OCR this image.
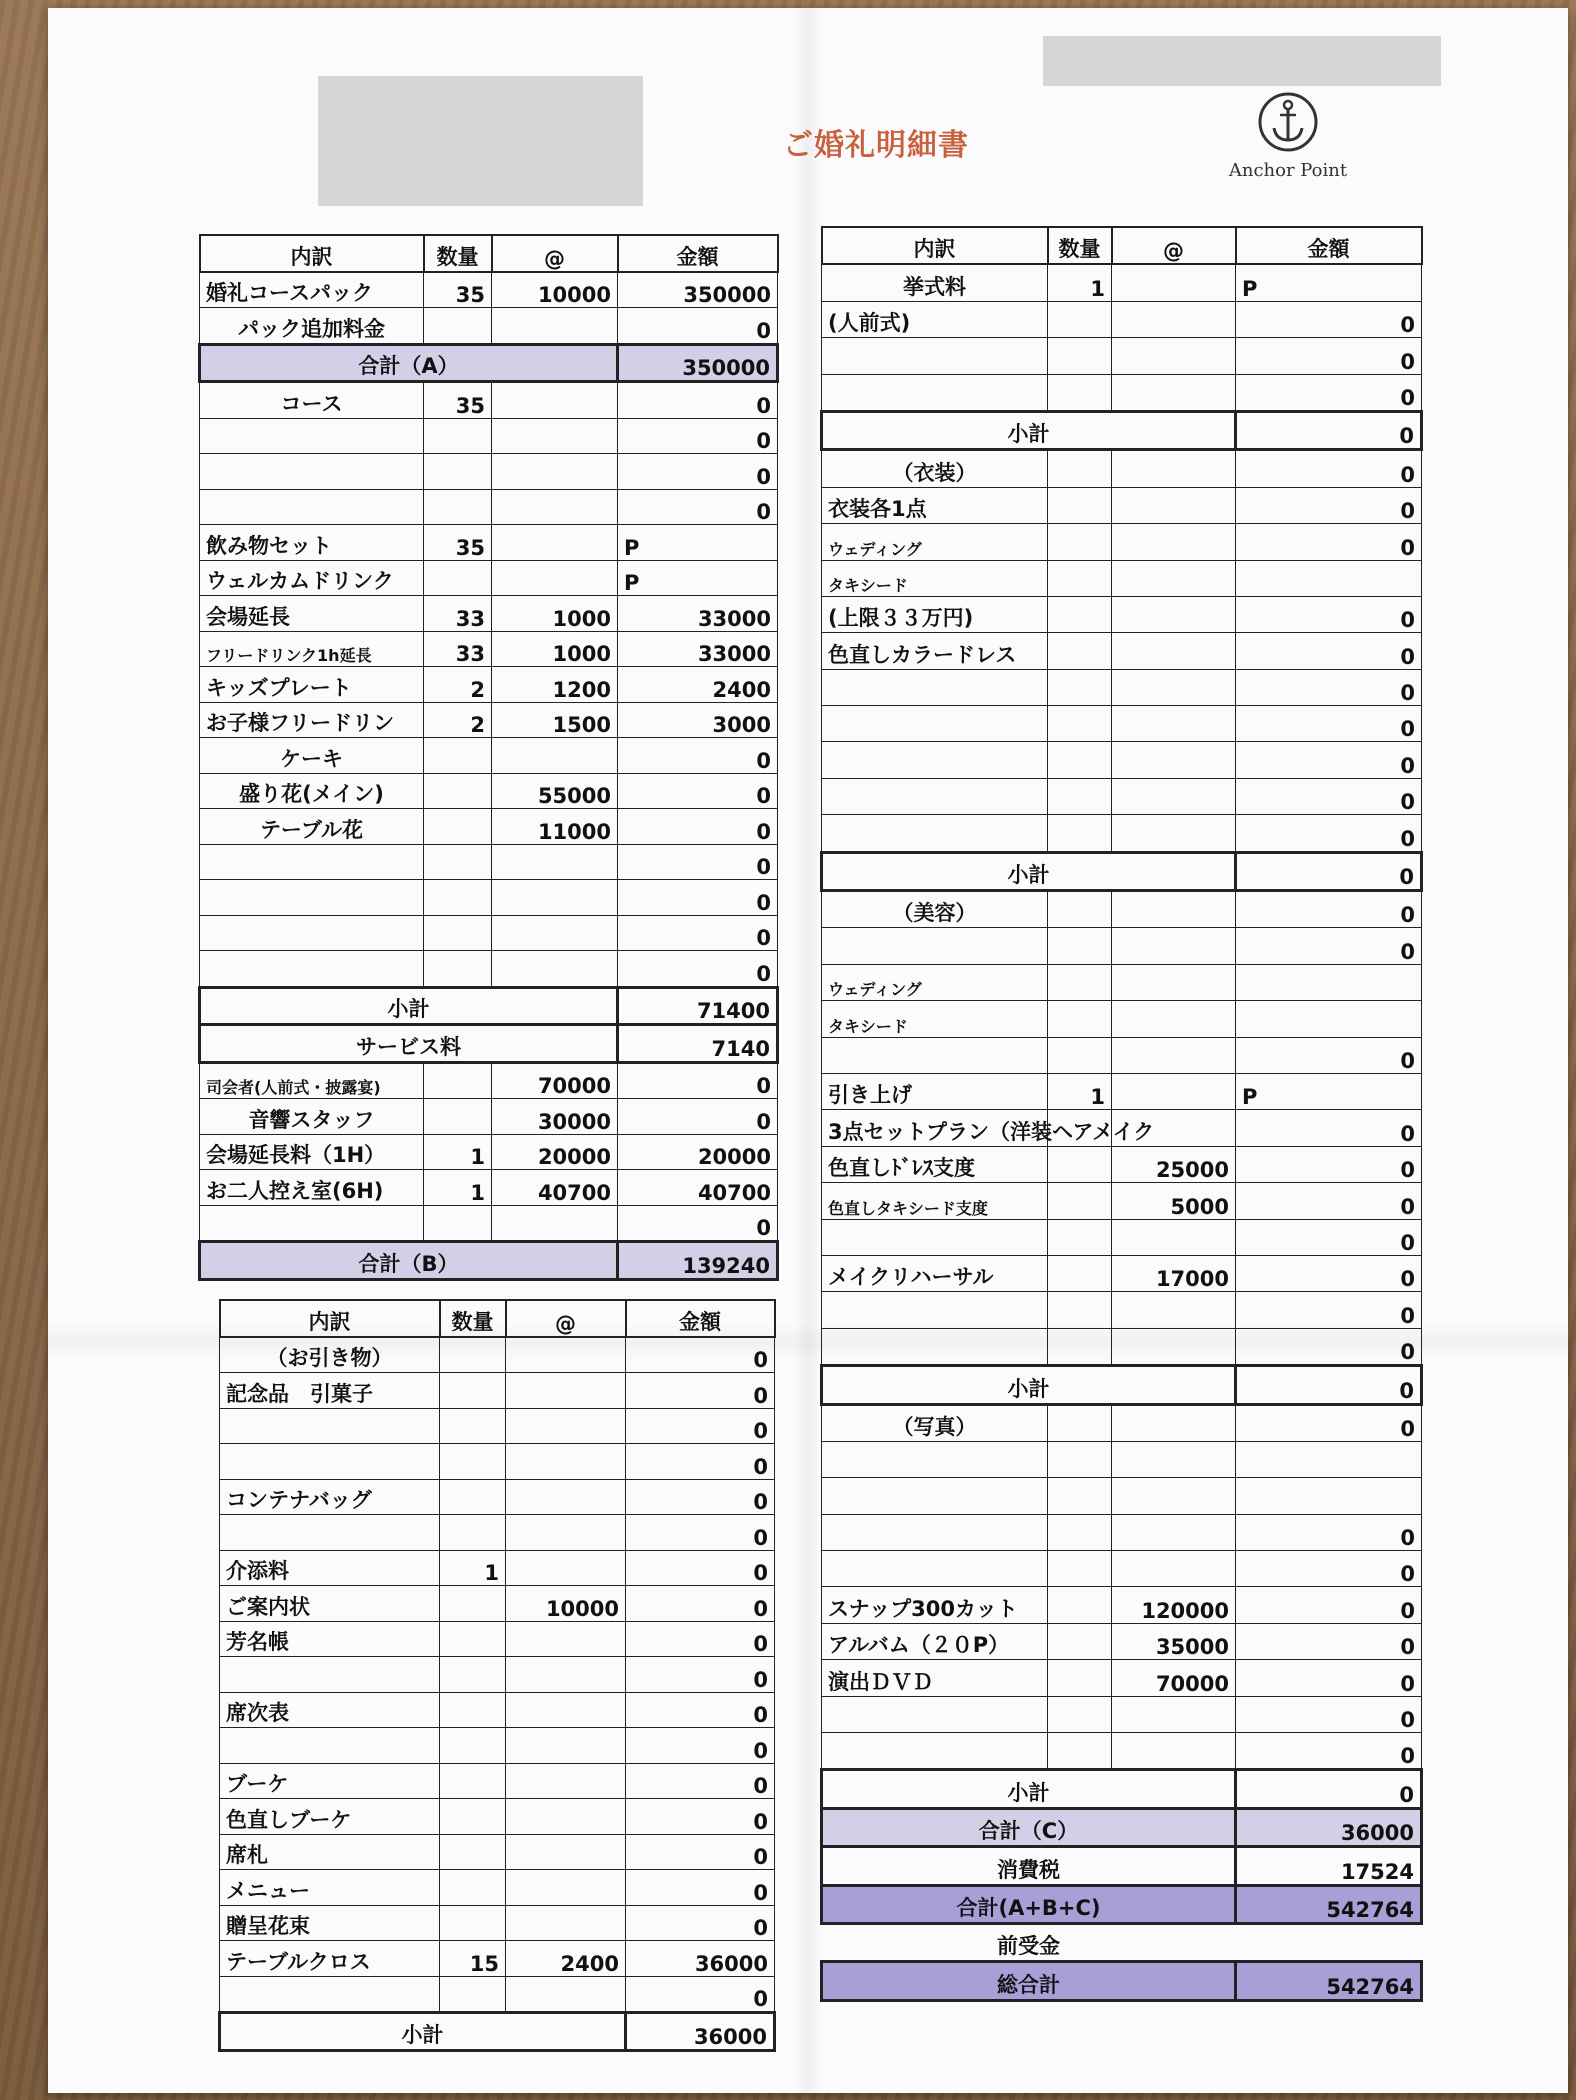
ご婚礼明細書
Anchor Point
内訳	数量	@	金額
婚礼コースパック	35	10000	350000
パック追加料金			0
合計（A）			350000
コース	35		0
			0
			0
			0
飲み物セット	35		P
ウェルカムドリンク			P
会場延長	33	1000	33000
フリードリンク1h延長	33	1000	33000
キッズプレート	2	1200	2400
お子様フリードリン	2	1500	3000
ケーキ			0
盛り花(メイン)		55000	0
テーブル花		11000	0
			0
			0
			0
			0
小計			71400
サービス料			7140
司会者(人前式・披露宴)		70000	0
音響スタッフ		30000	0
会場延長料（1H）	1	20000	20000
お二人控え室(6H)	1	40700	40700
			0
合計（B）			139240
内訳	数量	@	金額
（お引き物）			0
記念品　引菓子			0
			0
			0
コンテナバッグ			0
			0
介添料	1		0
ご案内状		10000	0
芳名帳			0
			0
席次表			0
			0
ブーケ			0
色直しブーケ			0
席札			0
メニュー			0
贈呈花束			0
テーブルクロス	15	2400	36000
			0
小計			36000
内訳	数量	@	金額
挙式料	1		P
(人前式)			0
			0
			0
小計			0
（衣装）			0
衣装各1点			0
ウェディング			0
タキシード			
(上限３３万円)			0
色直しカラードレス			0
			0
			0
			0
			0
			0
小計			0
（美容）			0
			0
ウェディング			
タキシード			
			0
引き上げ	1		P
3点セットプラン（洋装ヘアメイク			0
色直しﾄﾞﾚｽ支度		25000	0
色直しタキシード支度		5000	0
			0
メイクリハーサル		17000	0
			0
			0
小計			0
（写真）			0

			0
			0
スナップ300カット		120000	0
アルバム（２０P）		35000	0
演出ＤＶＤ		70000	0
			0
			0
小計			0
合計（C）			36000
消費税			17524
合計(A+B+C)			542764
前受金			
総合計			542764
